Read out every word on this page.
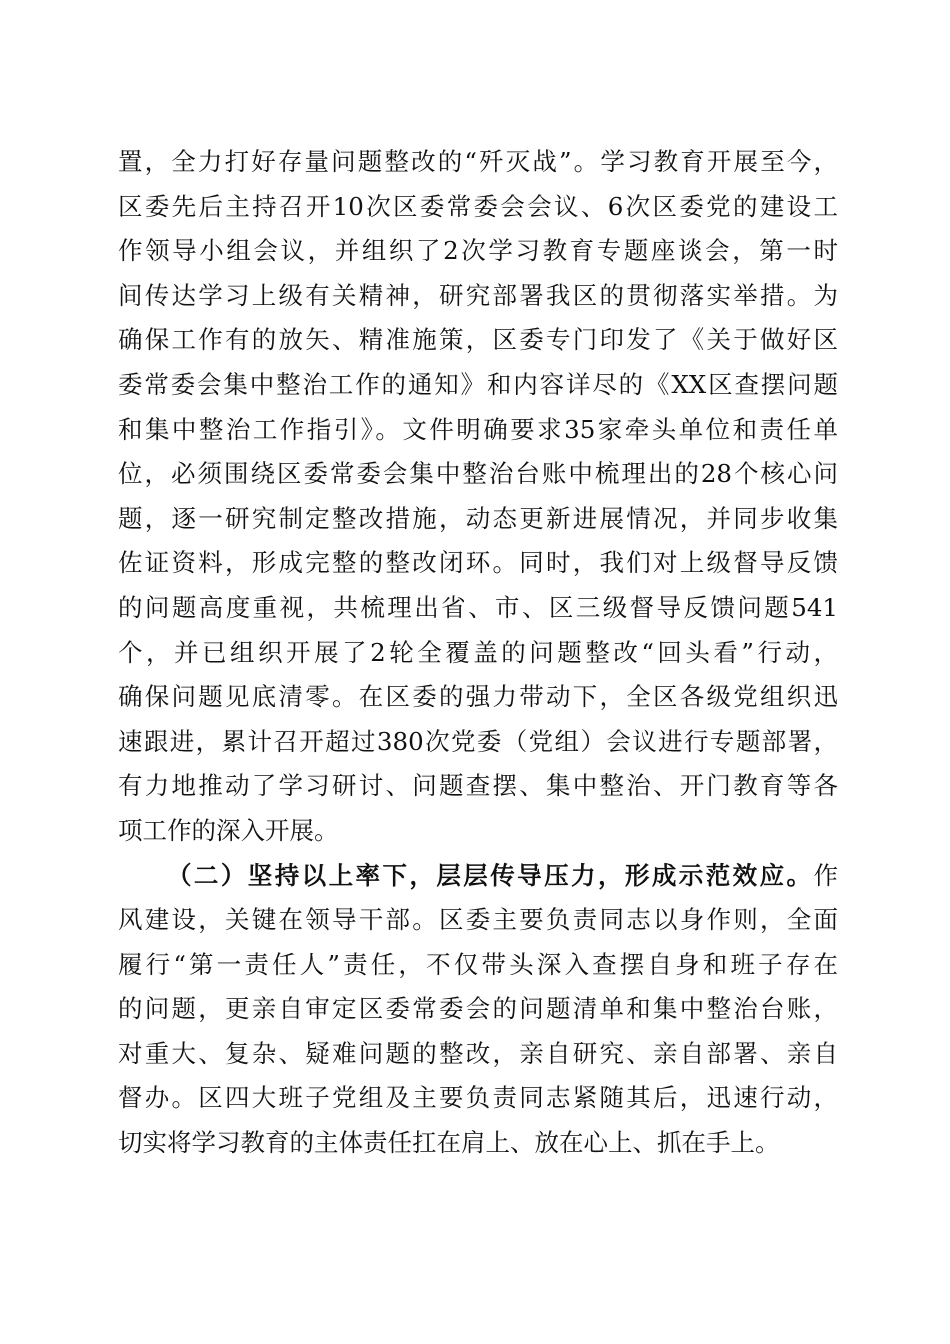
置，全力打好存量问题整改的“歼灭战”。学习教育开展至今，
区委先后主持召开10次区委常委会会议、6次区委党的建设工
作领导小组会议，并组织了2次学习教育专题座谈会，第一时
间传达学习上级有关精神，研究部署我区的贯彻落实举措。为
确保工作有的放矢、精准施策，区委专门印发了《关于做好区
委常委会集中整治工作的通知》和内容详尽的《XX区查摆问题
和集中整治工作指引》。文件明确要求35家牵头单位和责任单
位，必须围绕区委常委会集中整治台账中梳理出的28个核心问
题，逐一研究制定整改措施，动态更新进展情况，并同步收集
佐证资料，形成完整的整改闭环。同时，我们对上级督导反馈
的问题高度重视，共梳理出省、市、区三级督导反馈问题541
个，并已组织开展了2轮全覆盖的问题整改“回头看”行动，
确保问题见底清零。在区委的强力带动下，全区各级党组织迅
速跟进，累计召开超过380次党委（党组）会议进行专题部署，
有力地推动了学习研讨、问题查摆、集中整治、开门教育等各
项工作的深入开展。
（二）坚持以上率下，层层传导压力，形成示范效应。作
风建设，关键在领导干部。区委主要负责同志以身作则，全面
履行“第一责任人”责任，不仅带头深入查摆自身和班子存在
的问题，更亲自审定区委常委会的问题清单和集中整治台账，
对重大、复杂、疑难问题的整改，亲自研究、亲自部署、亲自
督办。区四大班子党组及主要负责同志紧随其后，迅速行动，
切实将学习教育的主体责任扛在肩上、放在心上、抓在手上。
